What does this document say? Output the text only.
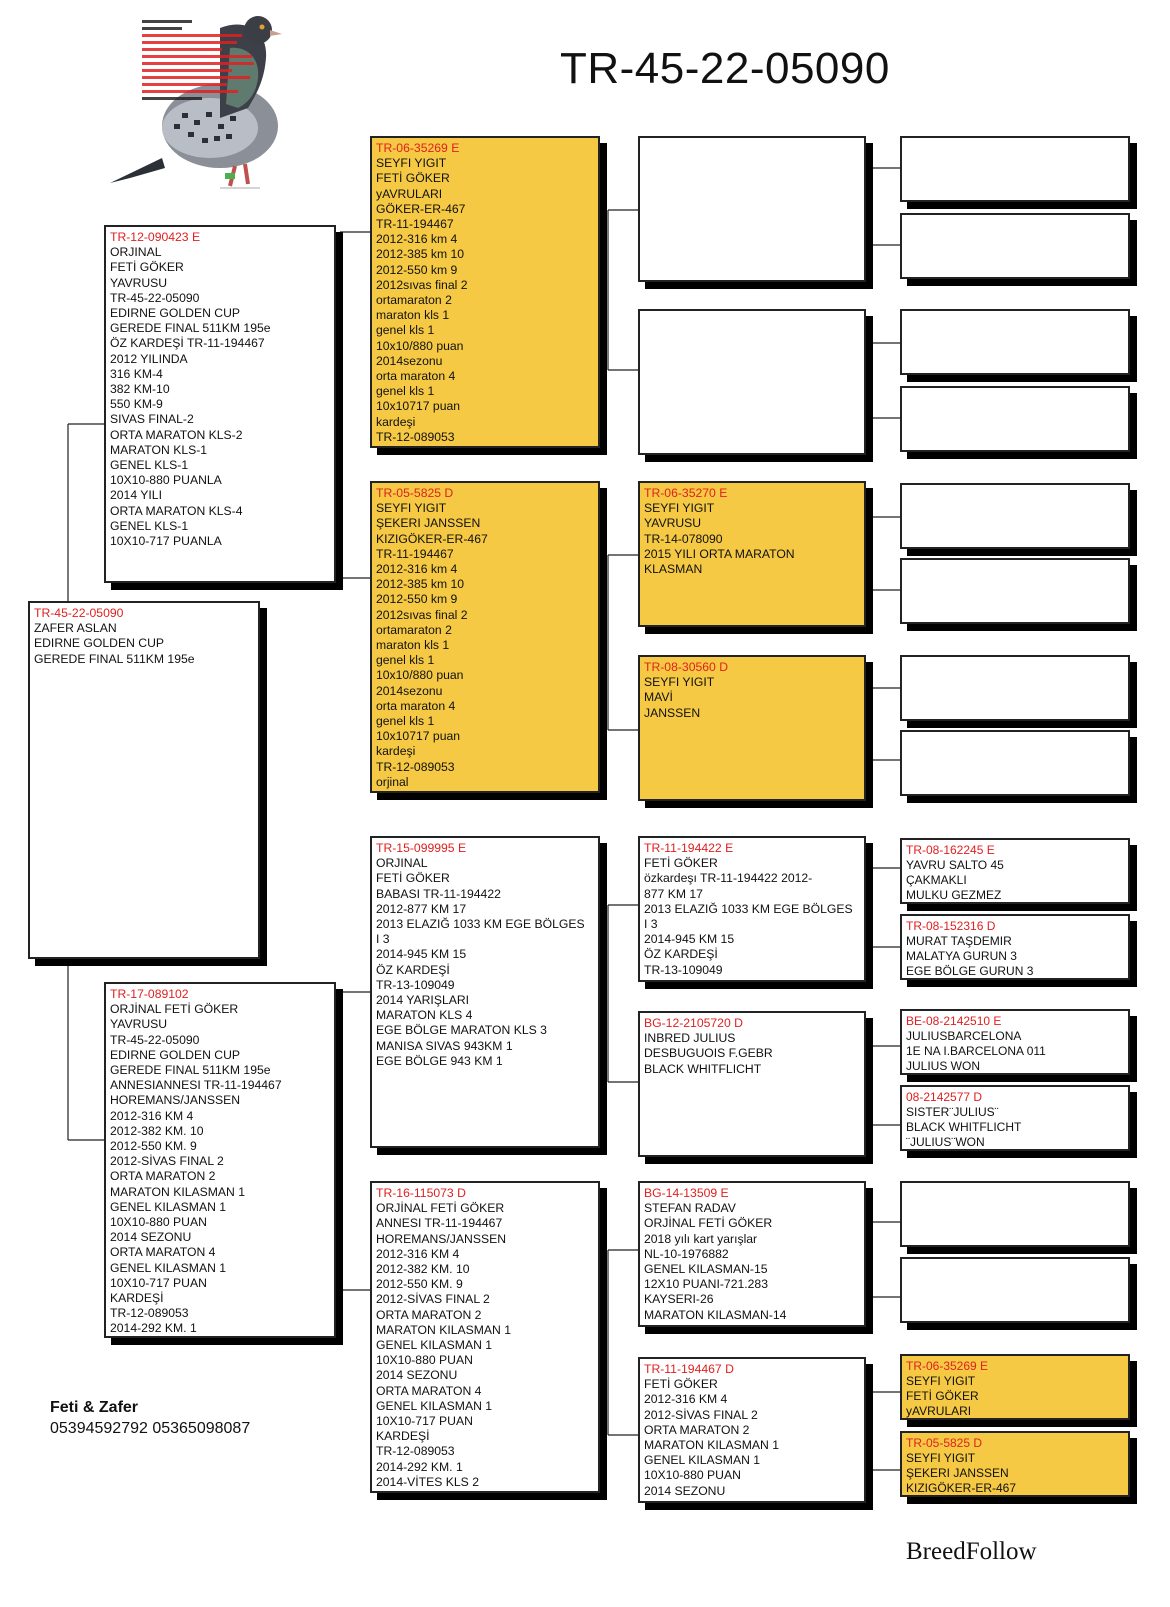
TR-45-22-05090
TR-45-22-05090
ZAFER ASLAN
EDIRNE GOLDEN CUP
GEREDE FINAL 511KM 195e
TR-12-090423 E
ORJINAL
FETİ GÖKER
YAVRUSU
TR-45-22-05090
EDIRNE GOLDEN CUP
GEREDE FINAL 511KM 195e
ÖZ KARDEŞİ TR-11-194467
2012 YILINDA
316 KM-4
382 KM-10
550 KM-9
SIVAS FINAL-2
ORTA MARATON KLS-2
MARATON KLS-1
GENEL KLS-1
10X10-880 PUANLA
2014 YILI
ORTA MARATON KLS-4
GENEL KLS-1
10X10-717 PUANLA
TR-17-089102
ORJİNAL FETİ GÖKER
YAVRUSU
TR-45-22-05090
EDIRNE GOLDEN CUP
GEREDE FINAL 511KM 195e
ANNESIANNESI TR-11-194467
HOREMANS/JANSSEN
2012-316 KM 4
2012-382 KM. 10
2012-550 KM. 9
2012-SİVAS FINAL 2
ORTA MARATON 2
MARATON KILASMAN 1
GENEL KILASMAN 1
10X10-880 PUAN
2014 SEZONU
ORTA MARATON 4
GENEL KILASMAN 1
10X10-717 PUAN
KARDEŞİ
TR-12-089053
2014-292 KM. 1
TR-06-35269 E
SEYFI YIGIT
FETİ GÖKER
yAVRULARI
GÖKER-ER-467
TR-11-194467
2012-316 km 4
2012-385 km 10
2012-550 km 9
2012sıvas final 2
ortamaraton 2
maraton kls 1
genel kls 1
10x10/880 puan
2014sezonu
orta maraton 4
genel kls 1
10x10717 puan
kardeşi
TR-12-089053
TR-05-5825 D
SEYFI YIGIT
ŞEKERI JANSSEN
KIZIGÖKER-ER-467
TR-11-194467
2012-316 km 4
2012-385 km 10
2012-550 km 9
2012sıvas final 2
ortamaraton 2
maraton kls 1
genel kls 1
10x10/880 puan
2014sezonu
orta maraton 4
genel kls 1
10x10717 puan
kardeşi
TR-12-089053
orjinal
TR-15-099995 E
ORJINAL
FETİ GÖKER
BABASI TR-11-194422
2012-877 KM 17
2013 ELAZIĞ 1033 KM EGE BÖLGES
I 3
2014-945 KM 15
ÖZ KARDEŞİ
TR-13-109049
2014 YARIŞLARI
MARATON KLS 4
EGE BÖLGE MARATON KLS 3
MANISA SIVAS 943KM 1
EGE BÖLGE 943 KM 1
TR-16-115073 D
ORJİNAL FETİ GÖKER
ANNESI TR-11-194467
HOREMANS/JANSSEN
2012-316 KM 4
2012-382 KM. 10
2012-550 KM. 9
2012-SİVAS FINAL 2
ORTA MARATON 2
MARATON KILASMAN 1
GENEL KILASMAN 1
10X10-880 PUAN
2014 SEZONU
ORTA MARATON 4
GENEL KILASMAN 1
10X10-717 PUAN
KARDEŞİ
TR-12-089053
2014-292 KM. 1
2014-VİTES KLS 2
TR-06-35270 E
SEYFI YIGIT
YAVRUSU
TR-14-078090
2015 YILI ORTA MARATON
KLASMAN
TR-08-30560 D
SEYFI YIGIT
MAVİ
JANSSEN
TR-11-194422 E
FETİ GÖKER
özkardeşı TR-11-194422 2012-
877 KM 17
2013 ELAZIĞ 1033 KM EGE BÖLGES
I 3
2014-945 KM 15
ÖZ KARDEŞİ
TR-13-109049
BG-12-2105720 D
INBRED JULIUS
DESBUGUOIS F.GEBR
BLACK WHITFLICHT
BG-14-13509 E
STEFAN RADAV
ORJİNAL FETİ GÖKER
2018 yılı kart yarışlar
NL-10-1976882
GENEL KILASMAN-15
12X10 PUANI-721.283
KAYSERI-26
MARATON KILASMAN-14
TR-11-194467 D
FETİ GÖKER
2012-316 KM 4
2012-SİVAS FINAL 2
ORTA MARATON 2
MARATON KILASMAN 1
GENEL KILASMAN 1
10X10-880 PUAN
2014 SEZONU
TR-08-162245 E
YAVRU SALTO 45
ÇAKMAKLI
MULKU GEZMEZ
TR-08-152316 D
MURAT TAŞDEMIR
MALATYA GURUN 3
EGE BÖLGE GURUN 3
BE-08-2142510 E
JULIUSBARCELONA
1E NA I.BARCELONA 011
JULIUS WON
08-2142577 D
SISTER¨JULIUS¨
BLACK WHITFLICHT
¨JULIUS¨WON
TR-06-35269 E
SEYFI YIGIT
FETİ GÖKER
yAVRULARI
TR-05-5825 D
SEYFI YIGIT
ŞEKERI JANSSEN
KIZIGÖKER-ER-467
Feti & Zafer
05394592792 05365098087
BreedFollow
